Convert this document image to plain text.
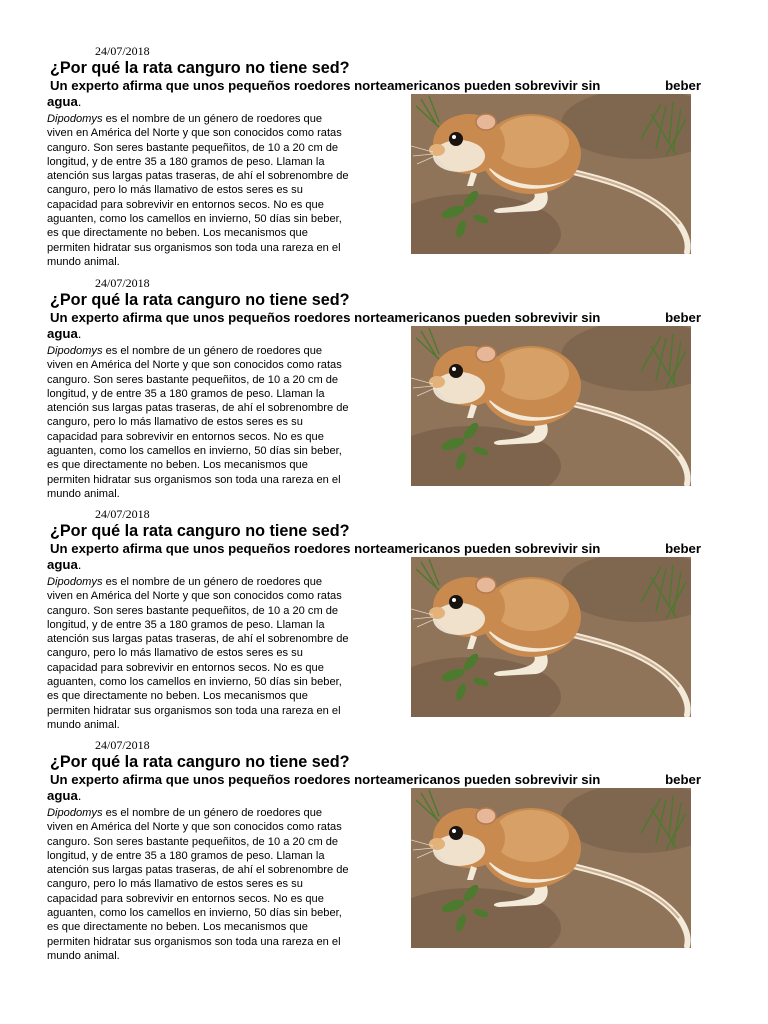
24/07/2018
¿Por qué la rata canguro no tiene sed?
Un experto afirma que unos pequeños roedores norteamericanos pueden sobrevivir sin	beber
agua.
Dipodomys es el nombre de un género de roedores que
viven en América del Norte y que son conocidos como ratas
canguro. Son seres bastante pequeñitos, de 10 a 20 cm de
longitud, y de entre 35 a 180 gramos de peso. Llaman la
atención sus largas patas traseras, de ahí el sobrenombre de
canguro, pero lo más llamativo de estos seres es su
capacidad para sobrevivir en entornos secos. No es que
aguanten, como los camellos en invierno, 50 días sin beber,
es que directamente no beben. Los mecanismos que
permiten hidratar sus organismos son toda una rareza en el
mundo animal.
24/07/2018
¿Por qué la rata canguro no tiene sed?
Un experto afirma que unos pequeños roedores norteamericanos pueden sobrevivir sin	beber
agua.
Dipodomys es el nombre de un género de roedores que
viven en América del Norte y que son conocidos como ratas
canguro. Son seres bastante pequeñitos, de 10 a 20 cm de
longitud, y de entre 35 a 180 gramos de peso. Llaman la
atención sus largas patas traseras, de ahí el sobrenombre de
canguro, pero lo más llamativo de estos seres es su
capacidad para sobrevivir en entornos secos. No es que
aguanten, como los camellos en invierno, 50 días sin beber,
es que directamente no beben. Los mecanismos que
permiten hidratar sus organismos son toda una rareza en el
mundo animal.
24/07/2018
¿Por qué la rata canguro no tiene sed?
Un experto afirma que unos pequeños roedores norteamericanos pueden sobrevivir sin	beber
agua.
Dipodomys es el nombre de un género de roedores que
viven en América del Norte y que son conocidos como ratas
canguro. Son seres bastante pequeñitos, de 10 a 20 cm de
longitud, y de entre 35 a 180 gramos de peso. Llaman la
atención sus largas patas traseras, de ahí el sobrenombre de
canguro, pero lo más llamativo de estos seres es su
capacidad para sobrevivir en entornos secos. No es que
aguanten, como los camellos en invierno, 50 días sin beber,
es que directamente no beben. Los mecanismos que
permiten hidratar sus organismos son toda una rareza en el
mundo animal.
24/07/2018
¿Por qué la rata canguro no tiene sed?
Un experto afirma que unos pequeños roedores norteamericanos pueden sobrevivir sin	beber
agua.
Dipodomys es el nombre de un género de roedores que
viven en América del Norte y que son conocidos como ratas
canguro. Son seres bastante pequeñitos, de 10 a 20 cm de
longitud, y de entre 35 a 180 gramos de peso. Llaman la
atención sus largas patas traseras, de ahí el sobrenombre de
canguro, pero lo más llamativo de estos seres es su
capacidad para sobrevivir en entornos secos. No es que
aguanten, como los camellos en invierno, 50 días sin beber,
es que directamente no beben. Los mecanismos que
permiten hidratar sus organismos son toda una rareza en el
mundo animal.
